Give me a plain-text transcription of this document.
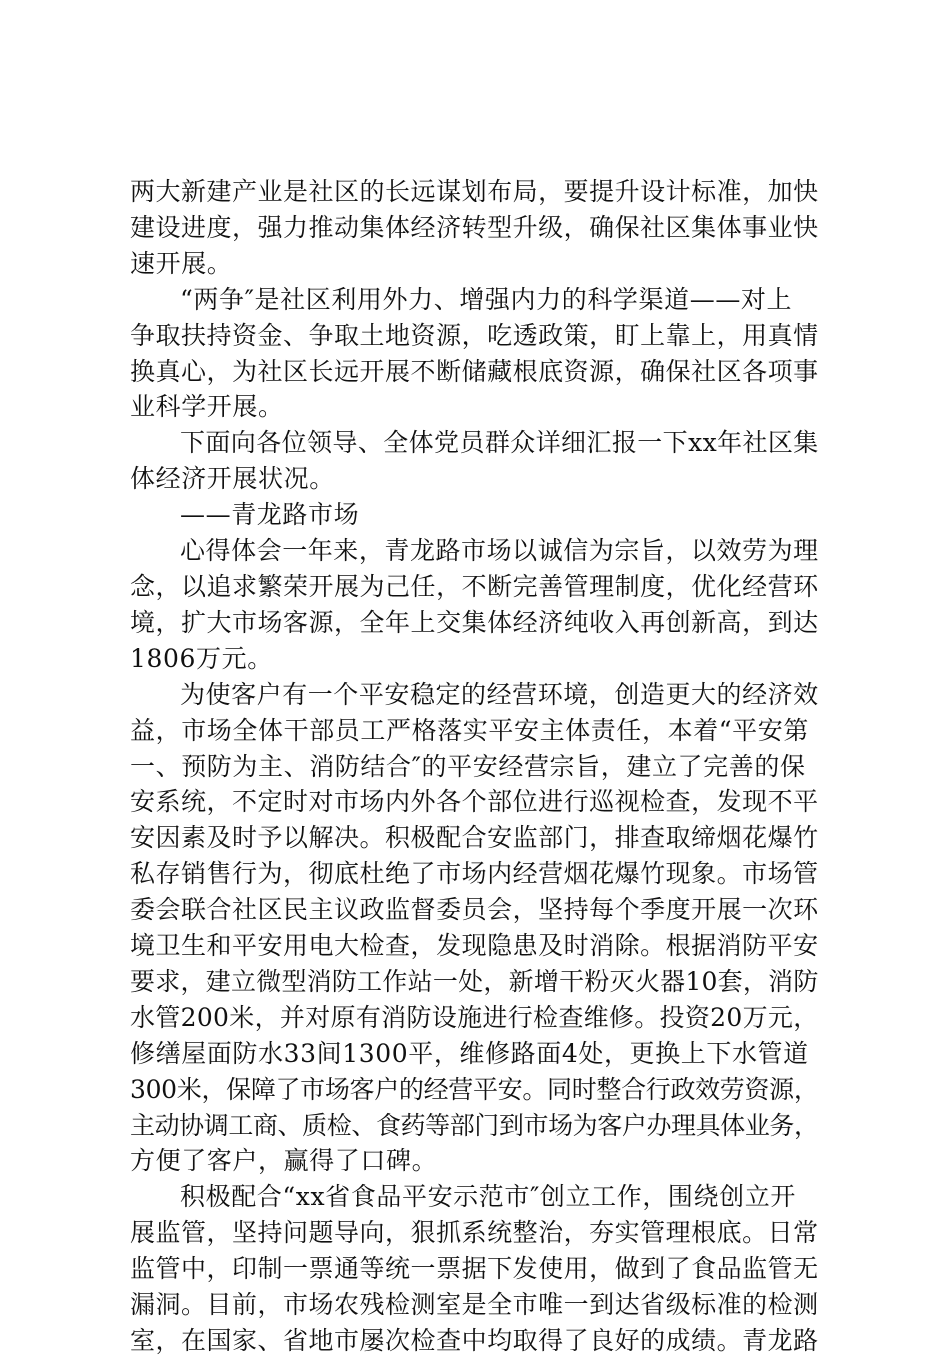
两大新建产业是社区的长远谋划布局，要提升设计标准，加快
建设进度，强力推动集体经济转型升级，确保社区集体事业快
速开展。

“两争″是社区利用外力、增强内力的科学渠道——对上
争取扶持资金、争取土地资源，吃透政策，盯上靠上，用真情
换真心，为社区长远开展不断储藏根底资源，确保社区各项事
业科学开展。

下面向各位领导、全体党员群众详细汇报一下xx年社区集
体经济开展状况。

——青龙路市场

心得体会一年来，青龙路市场以诚信为宗旨，以效劳为理
念，以追求繁荣开展为己任，不断完善管理制度，优化经营环
境，扩大市场客源，全年上交集体经济纯收入再创新高，到达
1806万元。

为使客户有一个平安稳定的经营环境，创造更大的经济效
益，市场全体干部员工严格落实平安主体责任，本着“平安第
一、预防为主、消防结合″的平安经营宗旨，建立了完善的保
安系统，不定时对市场内外各个部位进行巡视检查，发现不平
安因素及时予以解决。积极配合安监部门，排查取缔烟花爆竹
私存销售行为，彻底杜绝了市场内经营烟花爆竹现象。市场管
委会联合社区民主议政监督委员会，坚持每个季度开展一次环
境卫生和平安用电大检查，发现隐患及时消除。根据消防平安
要求，建立微型消防工作站一处，新增干粉灭火器10套，消防
水管200米，并对原有消防设施进行检查维修。投资20万元，
修缮屋面防水33间1300平，维修路面4处，更换上下水管道
300米，保障了市场客户的经营平安。同时整合行政效劳资源，
主动协调工商、质检、食药等部门到市场为客户办理具体业务，
方便了客户，赢得了口碑。

积极配合“xx省食品平安示范市″创立工作，围绕创立开
展监管，坚持问题导向，狠抓系统整治，夯实管理根底。日常
监管中，印制一票通等统一票据下发使用，做到了食品监管无
漏洞。目前，市场农残检测室是全市唯一到达省级标准的检测
室，在国家、省地市屡次检查中均取得了良好的成绩。青龙路
